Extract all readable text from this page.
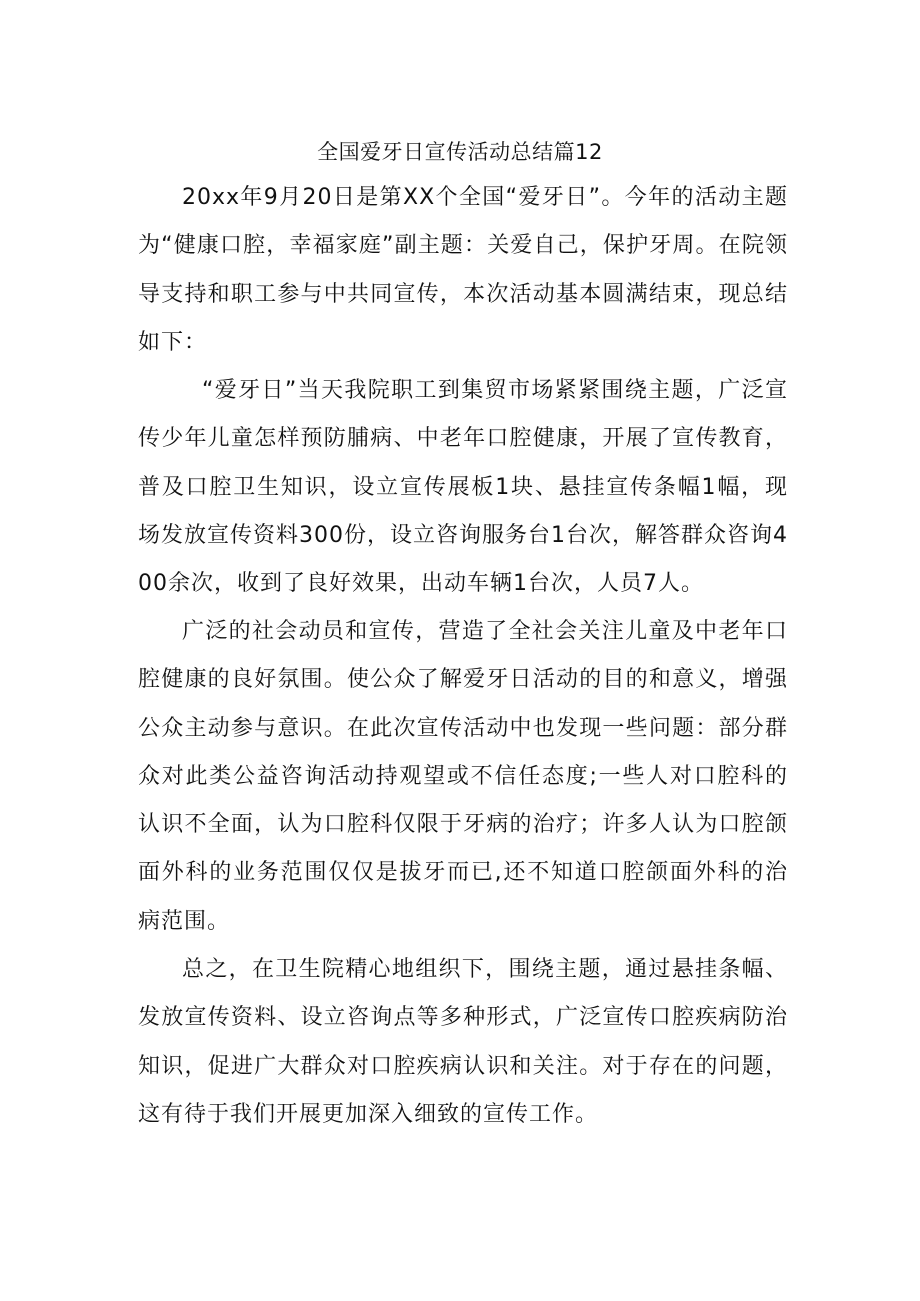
全国爱牙日宣传活动总结篇12

20xx年9月20日是第XX个全国“爱牙日”。今年的活动主题为“健康口腔，幸福家庭”副主题：关爱自己，保护牙周。在院领导支持和职工参与中共同宣传，本次活动基本圆满结束，现总结如下：

“爱牙日”当天我院职工到集贸市场紧紧围绕主题，广泛宣传少年儿童怎样预防脯病、中老年口腔健康，开展了宣传教育，普及口腔卫生知识，设立宣传展板1块、悬挂宣传条幅1幅，现场发放宣传资料300份，设立咨询服务台1台次，解答群众咨询400余次，收到了良好效果，出动车辆1台次，人员7人。

广泛的社会动员和宣传，营造了全社会关注儿童及中老年口腔健康的良好氛围。使公众了解爱牙日活动的目的和意义，增强公众主动参与意识。在此次宣传活动中也发现一些问题：部分群众对此类公益咨询活动持观望或不信任态度;一些人对口腔科的认识不全面，认为口腔科仅限于牙病的治疗；许多人认为口腔颌面外科的业务范围仅仅是拔牙而已,还不知道口腔颌面外科的治病范围。

总之，在卫生院精心地组织下，围绕主题，通过悬挂条幅、发放宣传资料、设立咨询点等多种形式，广泛宣传口腔疾病防治知识，促进广大群众对口腔疾病认识和关注。对于存在的问题，这有待于我们开展更加深入细致的宣传工作。
